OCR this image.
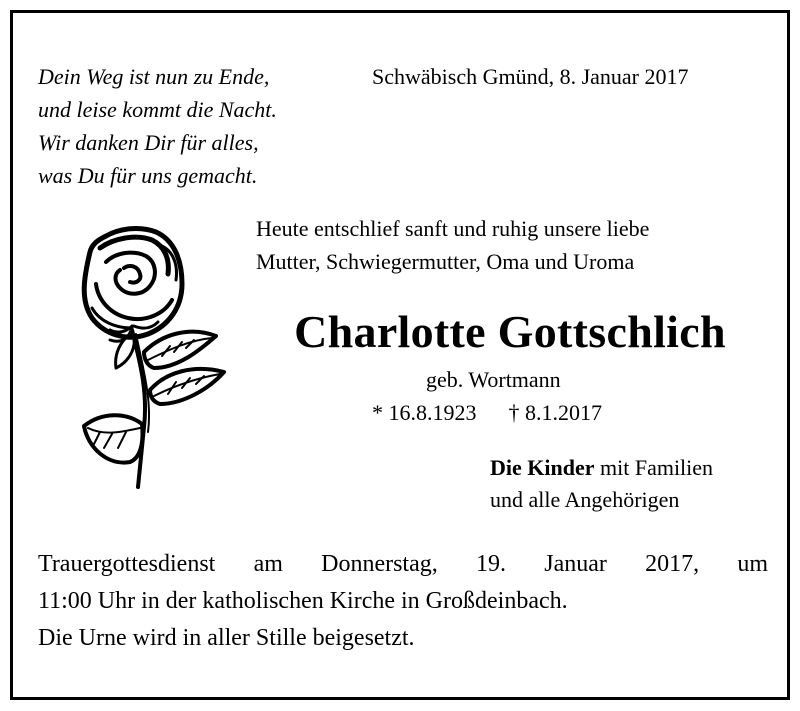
Dein Weg ist nun zu Ende,
und leise kommt die Nacht.
Wir danken Dir für alles,
was Du für uns gemacht.
Schwäbisch Gmünd, 8. Januar 2017
Heute entschlief sanft und ruhig unsere liebe
Mutter, Schwiegermutter, Oma und Uroma
Charlotte Gottschlich
geb. Wortmann
* 16.8.1923 † 8.1.2017
Die Kinder mit Familien
und alle Angehörigen
Trauergottesdienst am Donnerstag, 19. Januar 2017, um
11:00 Uhr in der katholischen Kirche in Großdeinbach.
Die Urne wird in aller Stille beigesetzt.
